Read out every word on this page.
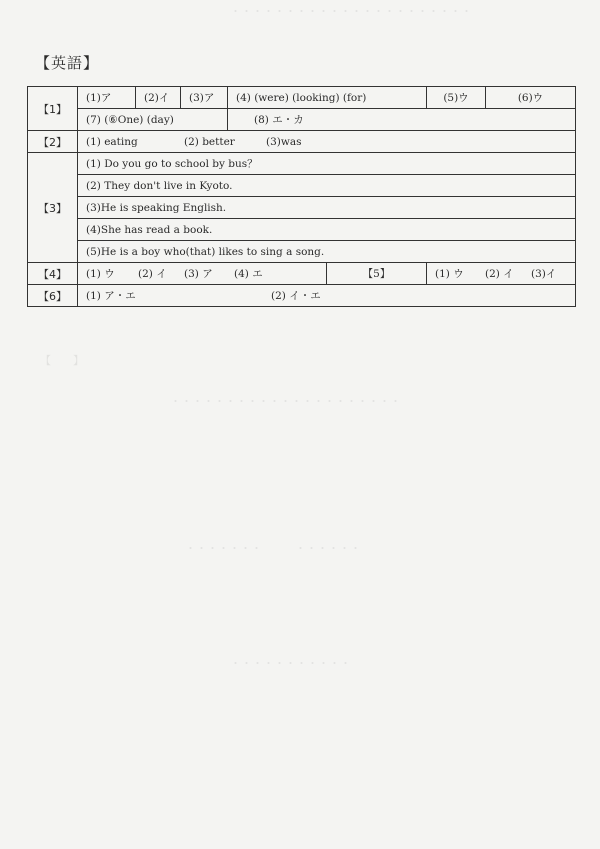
・・・・・・・・・・・・・・・・・・・・・・
【英語】
【1】	(1)ア	(2)イ	(3)ア	(4) (were) (looking) (for)		(5)ウ	(6)ウ
	(7) (⑥One) (day)			(8) エ・カ			
【2】	(1) eating (2) better (3)was						
【3】	(1) Do you go to school by bus？						
	(2) They don't live in Kyoto.						
	(3)He is speaking English.						
	(4)She has read a book.						
	(5)He is a boy who(that) likes to sing a song.						
【4】	(1) ウ (2) イ (3) ア (4) エ				【5】	(1) ウ (2) イ (3)イ	
【6】	(1) ア・エ (2) イ・エ						
【　　】
・・・・・・・・・・・・・・・・・・・・・
・・・・・・・　　　・・・・・・
・・・・・・・・・・・
